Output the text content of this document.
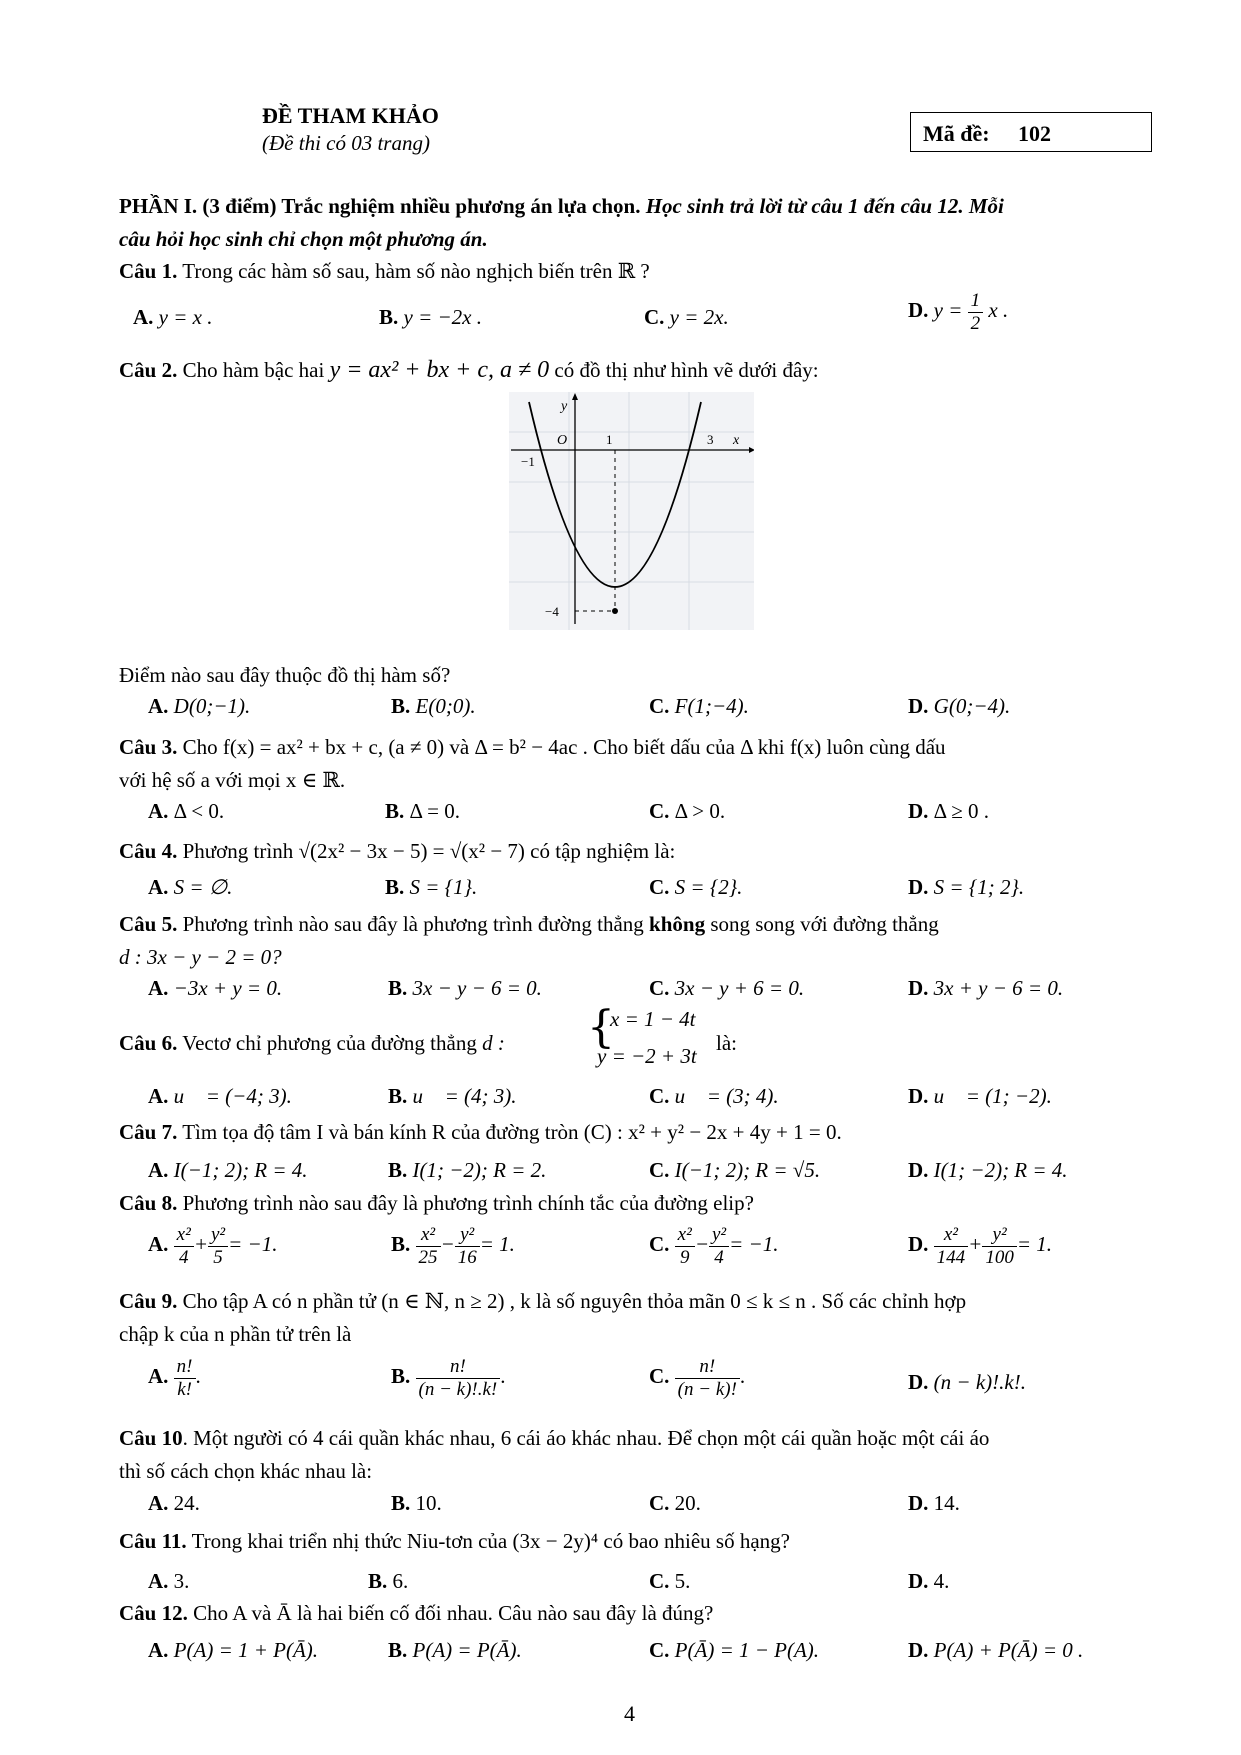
ĐỀ THAM KHẢO
(Đề thi có 03 trang)	Mã đề: 102
PHẦN I. (3 điểm) Trắc nghiệm nhiều phương án lựa chọn. Học sinh trả lời từ câu 1 đến câu 12. Mỗi
câu hỏi học sinh chỉ chọn một phương án.
Câu 1. Trong các hàm số sau, hàm số nào nghịch biến trên ℝ ?
A. y = x .	B. y = −2x .	C. y = 2x.	D. $y = \frac{1}{2}$ x .
Câu 2. Cho hàm bậc hai y = ax² + bx + c, a ≠ 0 có đồ thị như hình vẽ dưới đây:
y
x
O
−1
1	3
−4
Điểm nào sau đây thuộc đồ thị hàm số?
A. D(0;−1).	B. E(0;0).	C. F(1;−4).	D. G(0;−4).
Câu 3. Cho f(x) = ax² + bx + c, (a ≠ 0) và Δ = b² − 4ac . Cho biết dấu của Δ khi f(x) luôn cùng dấu
với hệ số a với mọi x ∈ ℝ.
A. Δ < 0.	B. Δ = 0.	C. Δ > 0.	D. Δ ≥ 0 .
Câu 4. Phương trình √(2x² − 3x − 5) = √(x² − 7) có tập nghiệm là:
A. S = ∅.	B. S = {1}.	C. S = {2}.	D. S = {1; 2}.
Câu 5. Phương trình nào sau đây là phương trình đường thẳng không song song với đường thẳng
d : 3x − y − 2 = 0?
A. −3x + y = 0.	B. 3x − y − 6 = 0.	C. 3x − y + 6 = 0.	D. 3x + y − 6 = 0.
Câu 6. Vectơ chỉ phương của đường thẳng d : {
x = 1 − 4t
y = −2 + 3t
là:
A. u⃗ = (−4; 3).	B. u⃗ = (4; 3).	C. u⃗ = (3; 4).	D. u⃗ = (1; −2).
Câu 7. Tìm tọa độ tâm I và bán kính R của đường tròn (C) : x² + y² − 2x + 4y + 1 = 0.
A. I(−1; 2); R = 4.	B. I(1; −2); R = 2.	C. I(−1; 2); R = √5.	D. I(1; −2); R = 4.
Câu 8. Phương trình nào sau đây là phương trình chính tắc của đường elip?
A. $\frac{\text{x²}}{4} + \frac{\text{y²}}{5} = -1$.	B. $\frac{\text{x²}}{25} - \frac{\text{y²}}{16} = 1$.	C. $\frac{\text{x²}}{9} - \frac{\text{y²}}{4} = -1$.	D. $\frac{\text{x²}}{144} + \frac{\text{y²}}{100} = 1$.
Câu 9. Cho tập A có n phần tử (n ∈ ℕ, n ≥ 2) , k là số nguyên thỏa mãn 0 ≤ k ≤ n . Số các chỉnh hợp
chập k của n phần tử trên là
A. $\frac{n!}{k!}$ .	B. $\frac{n!}{(n - k)!.k!}$ .	C. $\frac{n!}{(n - k)!}$ .	D. (n − k)!.k!.
Câu 10. Một người có 4 cái quần khác nhau, 6 cái áo khác nhau. Để chọn một cái quần hoặc một cái áo
thì số cách chọn khác nhau là:
A. 24.	B. 10.	C. 20.	D. 14.
Câu 11. Trong khai triển nhị thức Niu-tơn của (3x − 2y)⁴ có bao nhiêu số hạng?
A. 3.	B. 6.	C. 5.	D. 4.
Câu 12. Cho A và Ā là hai biến cố đối nhau. Câu nào sau đây là đúng?
A. P(A) = 1 + P(Ā).	B. P(A) = P(Ā).	C. P(Ā) = 1 − P(A).	D. P(A) + P(Ā) = 0 .
4
